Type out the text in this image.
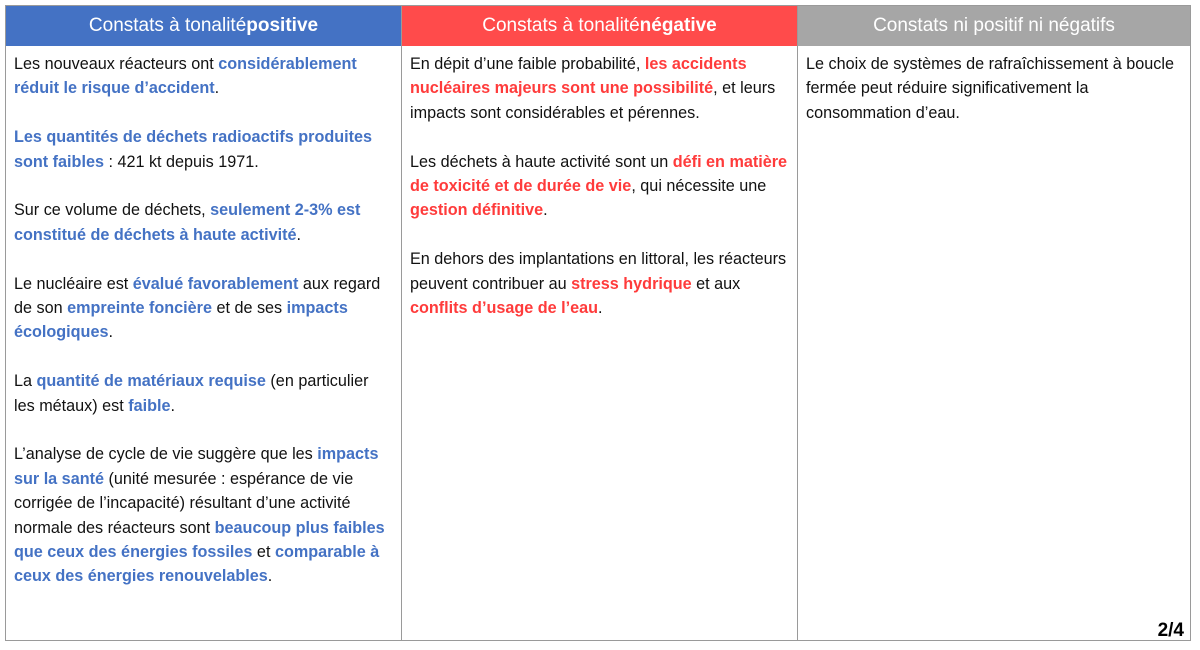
Constats à tonalité positive	Constats à tonalité négative	Constats ni positif ni négatifs

Les nouveaux réacteurs ont considérablement réduit le risque d’accident.

Les quantités de déchets radioactifs produites sont faibles : 421 kt depuis 1971.

Sur ce volume de déchets, seulement 2-3% est constitué de déchets à haute activité.

Le nucléaire est évalué favorablement aux regard de son empreinte foncière et de ses impacts écologiques.

La quantité de matériaux requise (en particulier les métaux) est faible.

L’analyse de cycle de vie suggère que les impacts sur la santé (unité mesurée : espérance de vie corrigée de l’incapacité) résultant d’une activité normale des réacteurs sont beaucoup plus faibles que ceux des énergies fossiles et comparable à ceux des énergies renouvelables.

En dépit d’une faible probabilité, les accidents nucléaires majeurs sont une possibilité, et leurs impacts sont considérables et pérennes.

Les déchets à haute activité sont un défi en matière de toxicité et de durée de vie, qui nécessite une gestion définitive.

En dehors des implantations en littoral, les réacteurs peuvent contribuer au stress hydrique et aux conflits d’usage de l’eau.

Le choix de systèmes de rafraîchissement à boucle fermée peut réduire significativement la consommation d’eau.

2/4
